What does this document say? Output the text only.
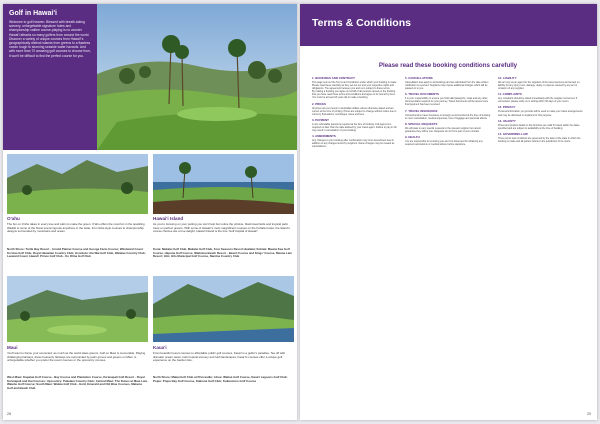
Golf in Hawai'i

Welcome to golf heaven. Blessed with breath-taking scenery, unforgettable signature holes and championship calibre course-playing is no wonder Hawai'i attracts so many golfers from around the world. Discover a variety of unique courses from Hawai'i's geographically distinct islands from greens to a flawless ocean rough to stunning seaside water hazards. And with more than 70 amazing golf courses to choose from, it won't be difficult to find the perfect course for you.

O'ahu
The fun on O'ahu takes in every tree and palm to make the green. O'ahu offers the most fun in the sparkling Waikiki to some of the finest scenic layouts anywhere in the state, from links-style courses to championship designs surrounded by mountains and ocean.
North Shore: Turtle Bay Resort - Arnold Palmer Course and George Fazio Course; Windward Coast: Ko'olau Golf Club, Royal Hawaiian Country Club; Honolulu: Ala Wai Golf Club, Waialae Country Club; Leeward Coast: Hawai'i Prince Golf Club - Ko Olina Golf Club
Hawai'i Island
As you're focusing on your putting you can't help but notice the pristine, black lava fields and tropical palm trees on perfect greens. With some of Hawai'i's most magnificent courses on the Kohala Coast, the island's course choices are a true delight, Hawai'i Island is the true 'Golf Capital of Hawai'i'.
Kona: Makalei Golf Club, Makalei Golf Club, Four Seasons Resort Hualalai; Kohala: Mauna Kea Golf Course, Hapuna Golf Course, Waikoloa Beach Resort - Beach Course and Kings' Course, Mauna Lani Resort; Hilo: Hilo Municipal Golf Course, Naniloa Country Club
Maui
You'll want to frame your scorecard, as much as the world-class greens. Golf on Maui is memorable. Playing challenging fairways, these heavenly fairways are surrounded by palm groves and greens on Maui, is unforgettable whether you prefer the resort courses or the upcountry courses.
West Maui: Kapalua Golf Course - Bay Course and Plantation Course, Ka'anapali Golf Resort - Royal Ka'anapali and Kai Courses; Upcountry: Pukalani Country Club; Central Maui: The Dunes at Maui Lani, Waiehu Golf Course; South Maui: Wailea Golf Club - Gold, Emerald and Old Blue Courses, Makena Golf and Beach Club
Kaua'i
From beautiful resort courses to affordable public golf courses, Kaua'i is a golfer's paradise. Tee off with dramatic ocean views, lush tropical scenery and lush landscapes, Kaua'i's courses offer a unique golf experience on the Garden Isle.
North Shore: Makai Golf Club at Princeville; Lihue: Wailua Golf Course, Kaua'i Lagoons Golf Club; Poipu: Poipu Bay Golf Course, Kiahuna Golf Club; Kukuiolono Golf Course
28
Terms & Conditions
Please read these booking conditions carefully
1. BOOKINGS AND CONTRACT

This page sets out the Terms and Conditions under which your booking is made. Please read these carefully as they set out our and your respective rights and obligations. The agreement between you and us is subject to these terms.

By making a booking you agree on behalf of all persons named on the booking that you have read these terms and conditions and agree to be bound by them. You must be at least 18 years old to make a booking.

2. PRICES

All prices are per person in Australian dollars unless otherwise stated and are correct at the time of printing. Prices are subject to change without notice due to currency fluctuations, surcharges, taxes and fees.

3. PAYMENT

A non-refundable deposit is required at the time of booking. Full payment is required no later than the date advised by your travel agent. Failure to pay in full may result in cancellation of your booking.

4. AMENDMENTS

Any changes to your booking after confirmation may incur amendment fees in addition to any charges levied by suppliers. Name changes may be treated as cancellations.

5. CANCELLATIONS

Cancellation fees apply to all bookings and are calculated from the date written notification is received. Suppliers may impose additional charges which will be passed on to you.

6. TRAVEL DOCUMENTS

It is your responsibility to ensure you hold valid passports, visas and any other documentation required for your journey. Travel documents will be issued once final payment has been received.

7. TRAVEL INSURANCE

Comprehensive travel insurance is strongly recommended at the time of booking to cover cancellation, medical expenses, loss of luggage and personal effects.

8. SPECIAL REQUESTS

We will pass on any special requests to the relevant supplier but cannot guarantee they will be met. Requests do not form part of your contract.

9. HEALTH

You are responsible for ensuring you are fit to travel and for obtaining any required vaccinations or medical advice before departure.

10. LIABILITY

We act only as an agent for the suppliers of the travel services and accept no liability for any injury, loss, damage, delay or expense caused by any act or omission of any supplier.

11. COMPLAINTS

Any complaint should be raised immediately with the supplier concerned. If unresolved, please notify us in writing within 30 days of your return.

12. PRIVACY

Personal information you provide will be used to make your travel arrangements and may be disclosed to suppliers for this purpose.

13. VALIDITY

Prices and product details in this brochure are valid for travel within the dates specified and are subject to availability at the time of booking.

14. GOVERNING LAW

These terms and conditions are governed by the laws of the state in which the booking is made and all parties submit to the jurisdiction of its courts.

29
